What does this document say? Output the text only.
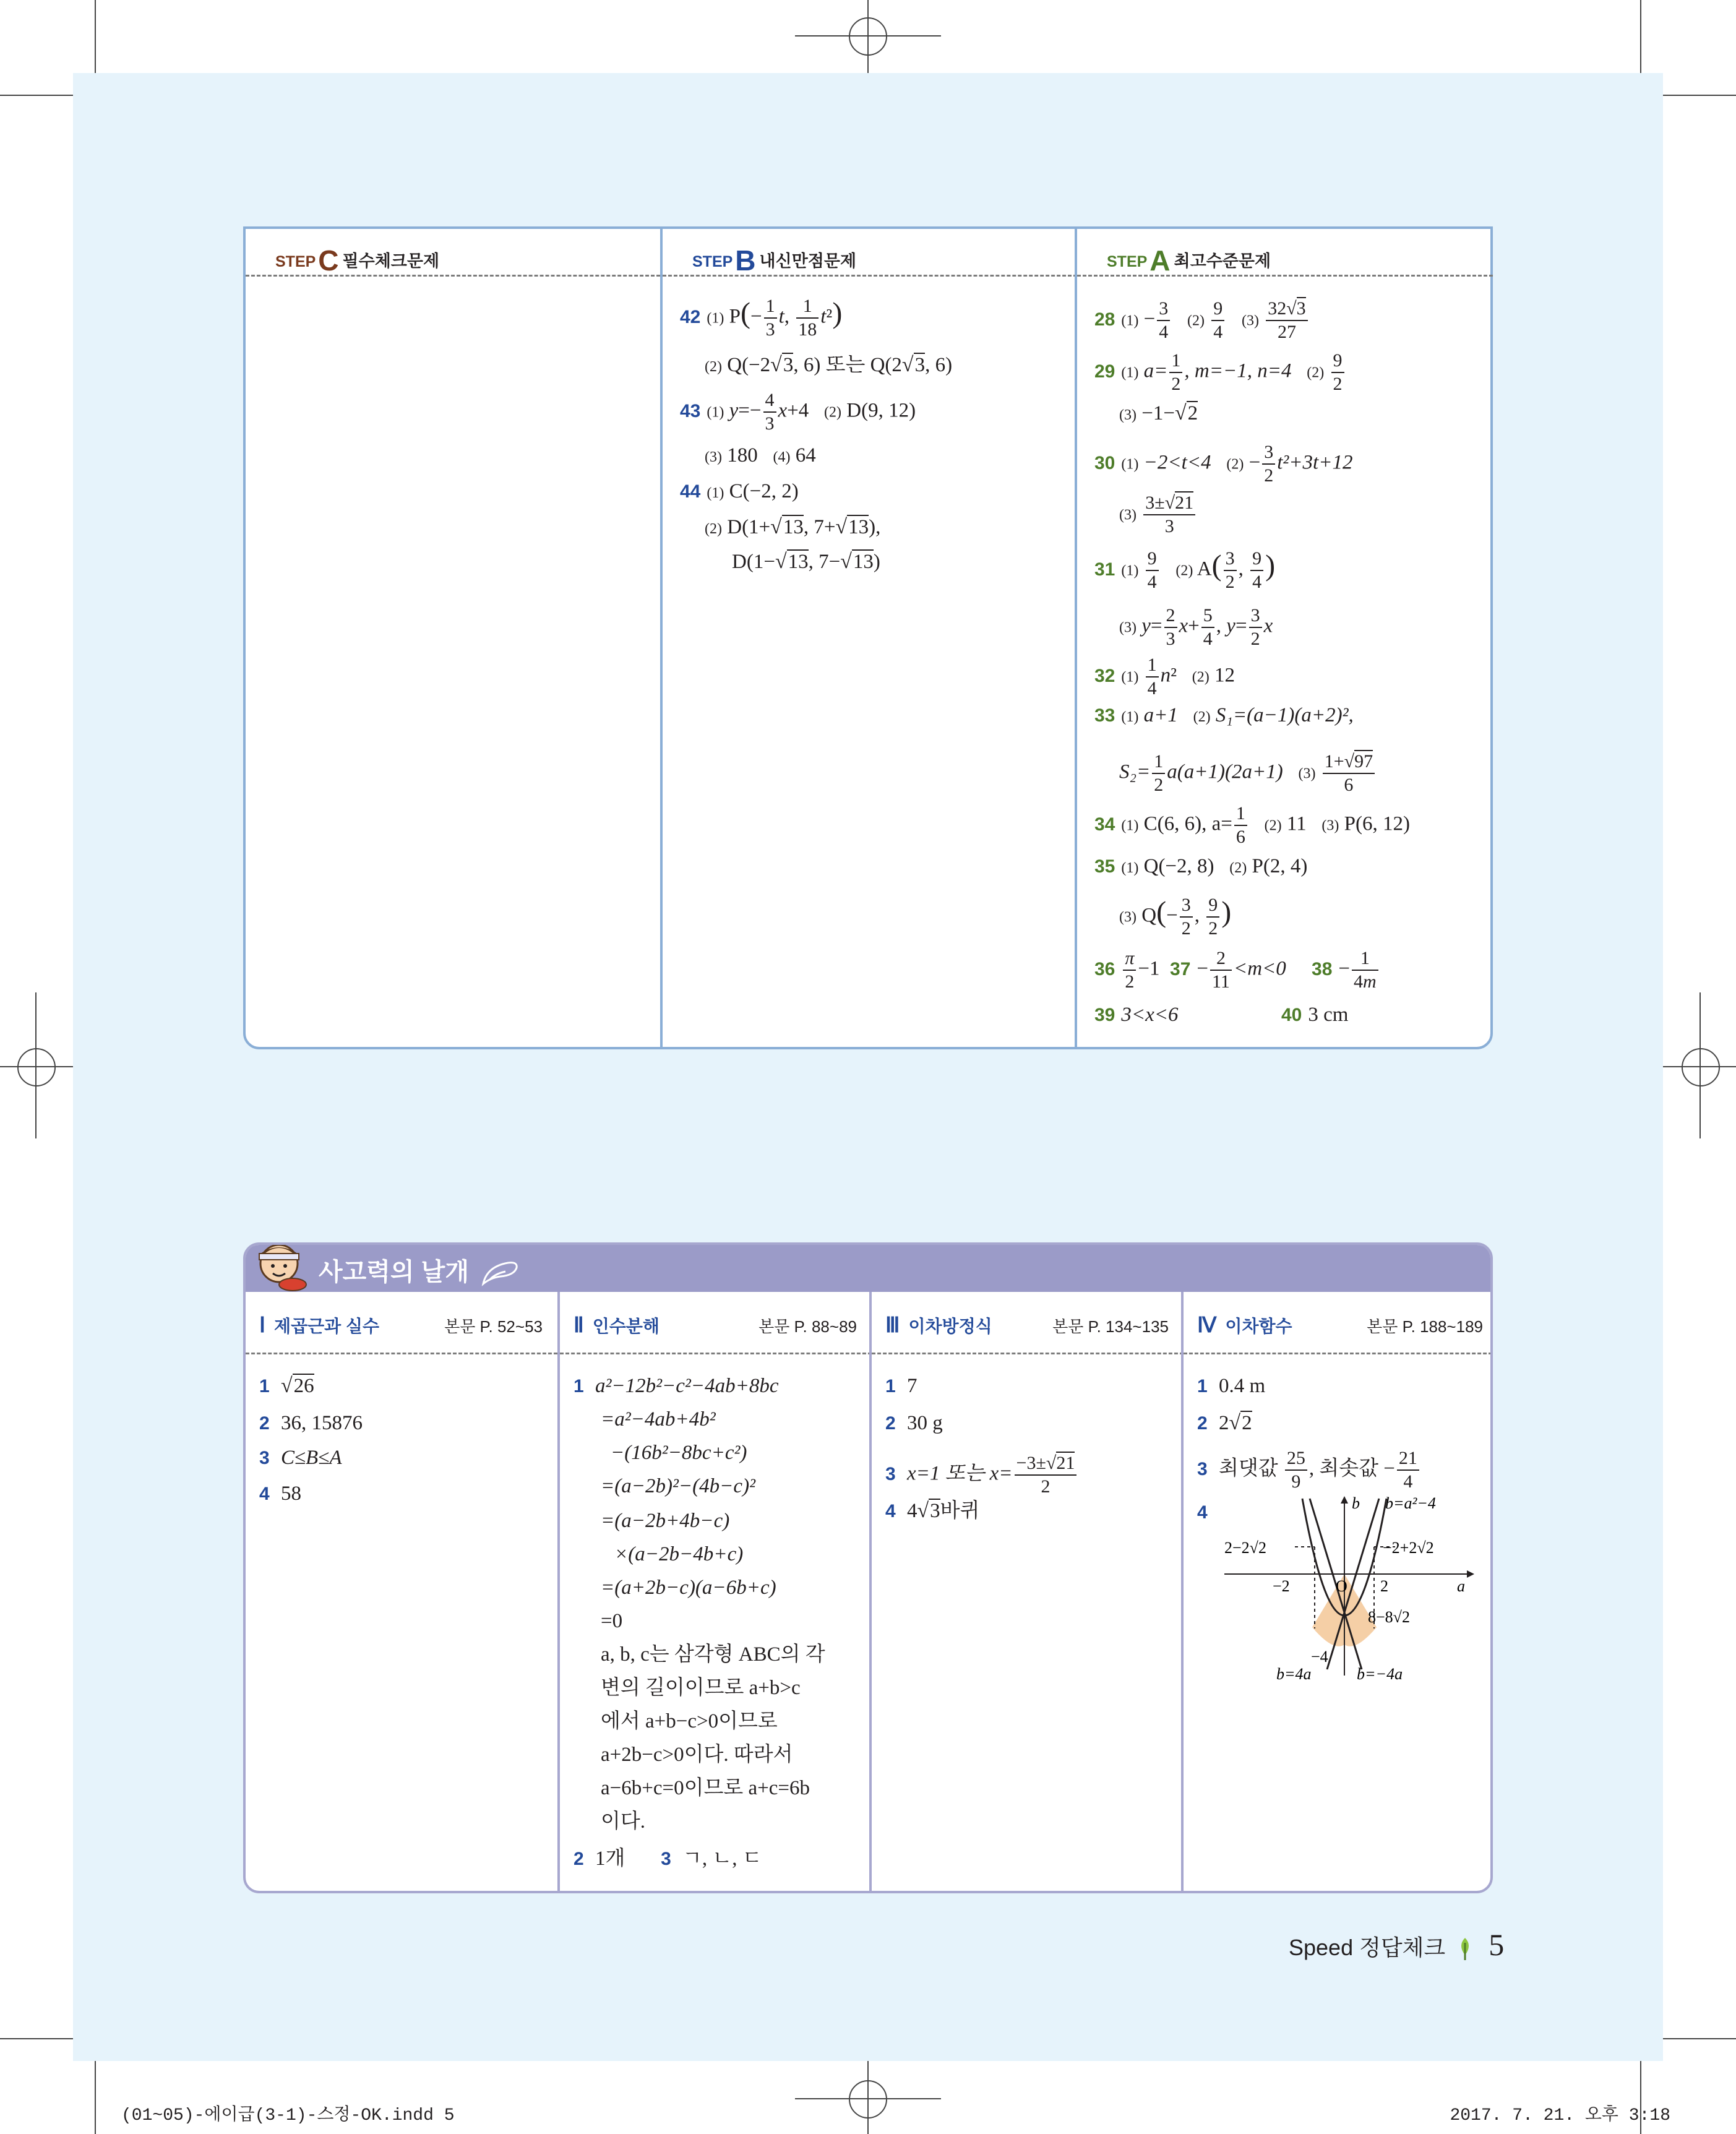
STEPC 필수체크문제	STEPB 내신만점문제
42 (1) $P(- \frac{1}{3} t$, $\frac{1}{18} t^2$)
(2) Q(−2√3, 6) 또는 Q(2√3, 6)
43 (1) $y=- \frac{4}{3} x+4$   (2) D(9, 12)
(3) 180 (4) 64
44 (1) C(−2, 2)
(2) D(1+√13, 7+√13),
D(1−√13, 7−√13)
STEPA 최고수준문제
28 $(1) - \frac{3}{4} (2) \frac{9}{4} (3) \frac{32√3}{27}$
29 (1) $a= \frac{1}{2}$ , m=−1, n=4 $(2) \frac{9}{2}$
(3) −1−√2
30 (1) −2<t<4 $(2) - \frac{3}{2} t^2+3t+12$
$(3) \frac{3\pm√21}{3}$
31 $(1) \frac{9}{4} (2)$ $A( \frac{3}{2}$ , $\frac{9}{4}$ )
(3) $y= \frac{2}{3} x+ \frac{5}{4}$ , $y= \frac{3}{2}$ x
32 $(1) \frac{1}{4} n^2$   (2) 12
33 (1) a+1 (2) S₁=(a−1)(a+2)²,
$S_2= \frac{1}{2} a(a+1)(2a+1)$ $(3) \frac{1+√97}{6}$
34 (1) C(6, 6), $a= \frac{1}{6} (2)$ 11 (3) P(6, 12)
35 (1) Q(−2, 8) (2) P(2, 4)
(3) $Q(- \frac{3}{2}$ , $\frac{9}{2}$ )
$36 \frac{\pi}{2} -1$ $37 - \frac{2}{11} <m<0$ $38 - \frac{1}{4m}$
39 3<x<6	40 3 cm
사고력의 날개
Ⅰ 제곱근과 실수	본문 P. 52~53
1 √26
2 36, 15876
3 C≤B≤A
4 58
Ⅱ 인수분해	본문 P. 88~89
1 a²−12b²−c²−4ab+8bc
=a²−4ab+4b²
−(16b²−8bc+c²)
=(a−2b)²−(4b−c)²
=(a−2b+4b−c)
×(a−2b−4b+c)
=(a+2b−c)(a−6b+c)
=0
a, b, c는 삼각형 ABC의 각
변의 길이이므로 a+b>c
에서 a+b−c>0이므로
a+2b−c>0이다. 따라서
a−6b+c=0이므로 a+c=6b
이다.
2 1개 3 ㄱ, ㄴ, ㄷ
Ⅲ 이차방정식	본문 P. 134~135
1 7
2 30 g
3 x=1 또는 $x= \frac{-3\pm√21}{2}$
4 4√3바퀴
Ⅳ 이차함수	본문 P. 188~189
1 0.4 m
2 2√2
3 최댓값 $\frac{25}{9}$ , 최솟값 − $\frac{21}{4}$
4	b
a
O
b=a²−4
2−2√2	−2+2√2
−2	2
8−8√2
−4
b=4a	b=−4a
Speed 정답체크 5
(01~05)-에이급(3-1)-스정-OK.indd 5	2017. 7. 21. 오후 3:18
